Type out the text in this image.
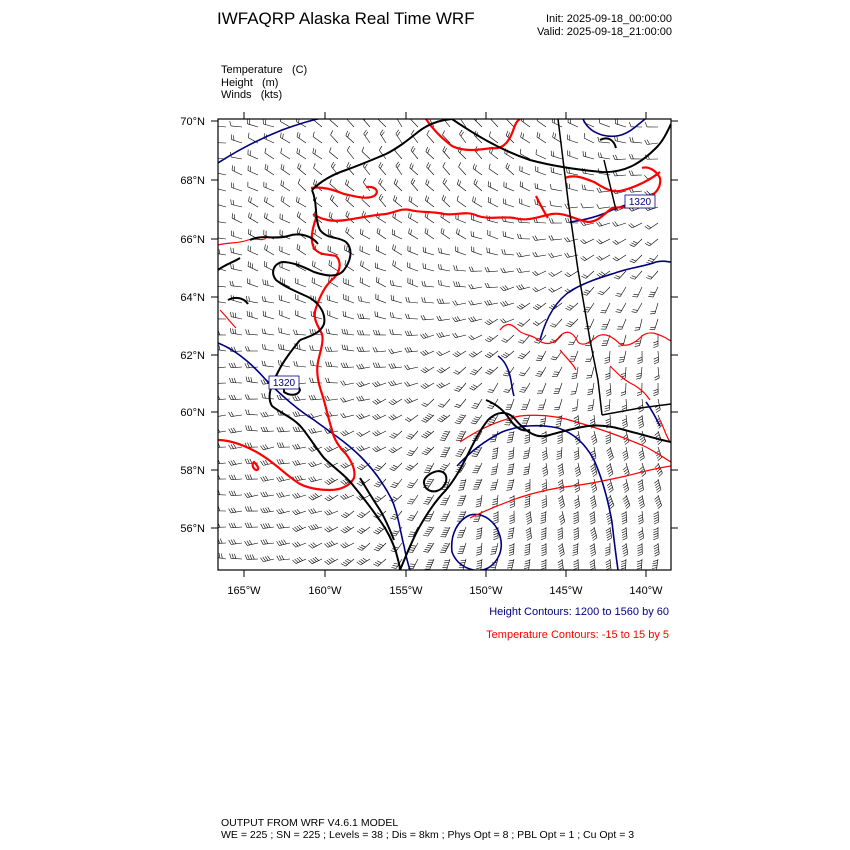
IWFAQRP Alaska Real Time WRF	Init: 2025-09-18_00:00:00
Valid: 2025-09-18_21:00:00
Temperature (C)
Height (m)
Winds (kts)
1320
1320
70°N
68°N
66°N
64°N
62°N
60°N
58°N
56°N
165°W	160°W	155°W	150°W	145°W	140°W
Height Contours: 1200 to 1560 by 60
Temperature Contours: -15 to 15 by 5
OUTPUT FROM WRF V4.6.1 MODEL
WE = 225 ; SN = 225 ; Levels = 38 ; Dis = 8km ; Phys Opt = 8 ; PBL Opt = 1 ; Cu Opt = 3
